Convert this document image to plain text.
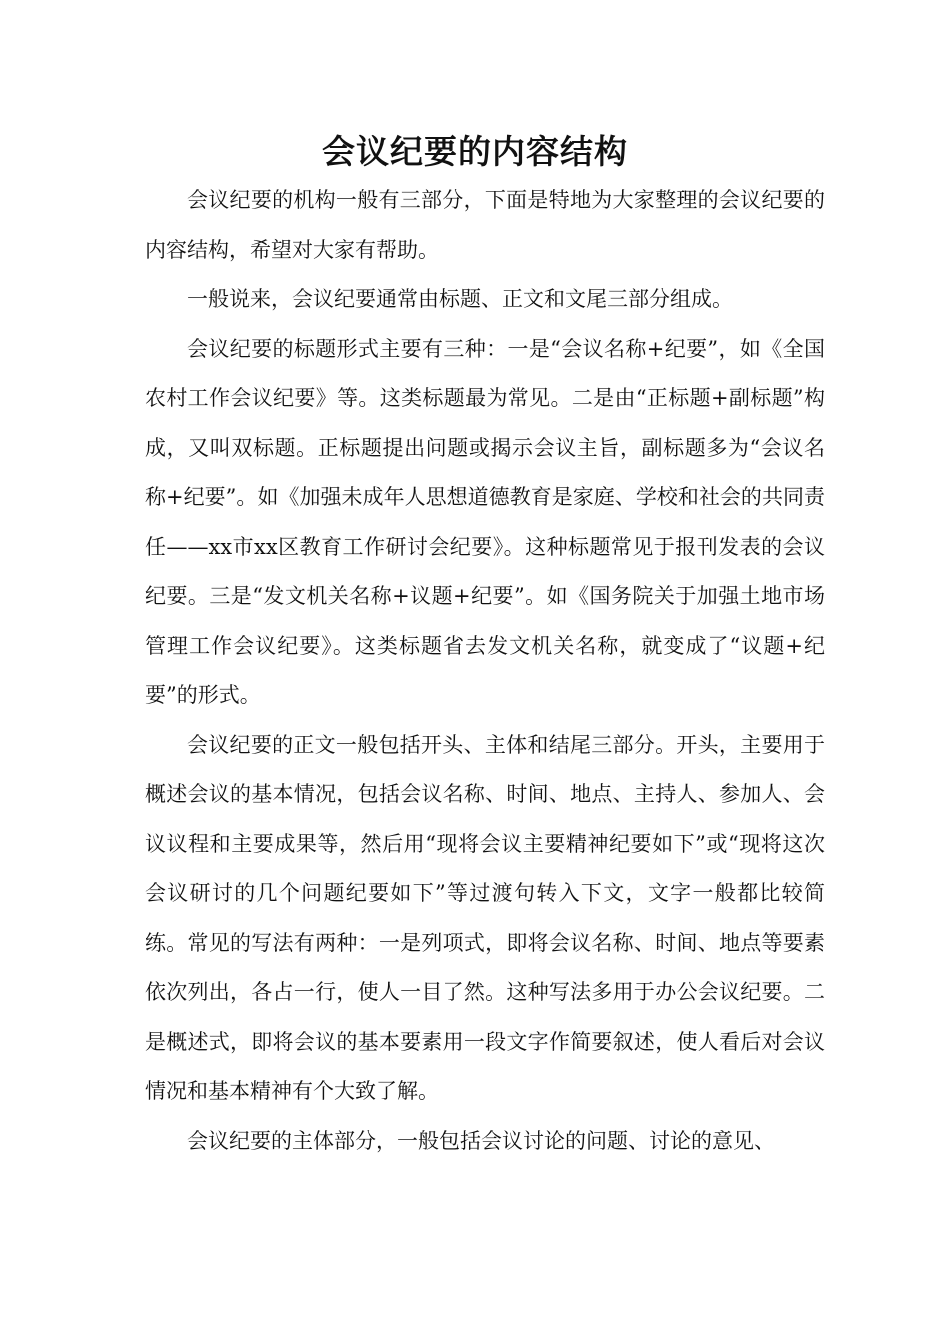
会议纪要的内容结构

会议纪要的机构一般有三部分，下面是特地为大家整理的会议纪要的内容结构，希望对大家有帮助。

一般说来，会议纪要通常由标题、正文和文尾三部分组成。

会议纪要的标题形式主要有三种：一是“会议名称+纪要”，如《全国农村工作会议纪要》等。这类标题最为常见。二是由“正标题+副标题”构成，又叫双标题。正标题提出问题或揭示会议主旨，副标题多为“会议名称+纪要”。如《加强未成年人思想道德教育是家庭、学校和社会的共同责任——xx市xx区教育工作研讨会纪要》。这种标题常见于报刊发表的会议纪要。三是“发文机关名称+议题+纪要”。如《国务院关于加强土地市场管理工作会议纪要》。这类标题省去发文机关名称，就变成了“议题+纪要”的形式。

会议纪要的正文一般包括开头、主体和结尾三部分。开头，主要用于概述会议的基本情况，包括会议名称、时间、地点、主持人、参加人、会议议程和主要成果等，然后用“现将会议主要精神纪要如下”或“现将这次会议研讨的几个问题纪要如下”等过渡句转入下文，文字一般都比较简练。常见的写法有两种：一是列项式，即将会议名称、时间、地点等要素依次列出，各占一行，使人一目了然。这种写法多用于办公会议纪要。二是概述式，即将会议的基本要素用一段文字作简要叙述，使人看后对会议情况和基本精神有个大致了解。

会议纪要的主体部分，一般包括会议讨论的问题、讨论的意见、
